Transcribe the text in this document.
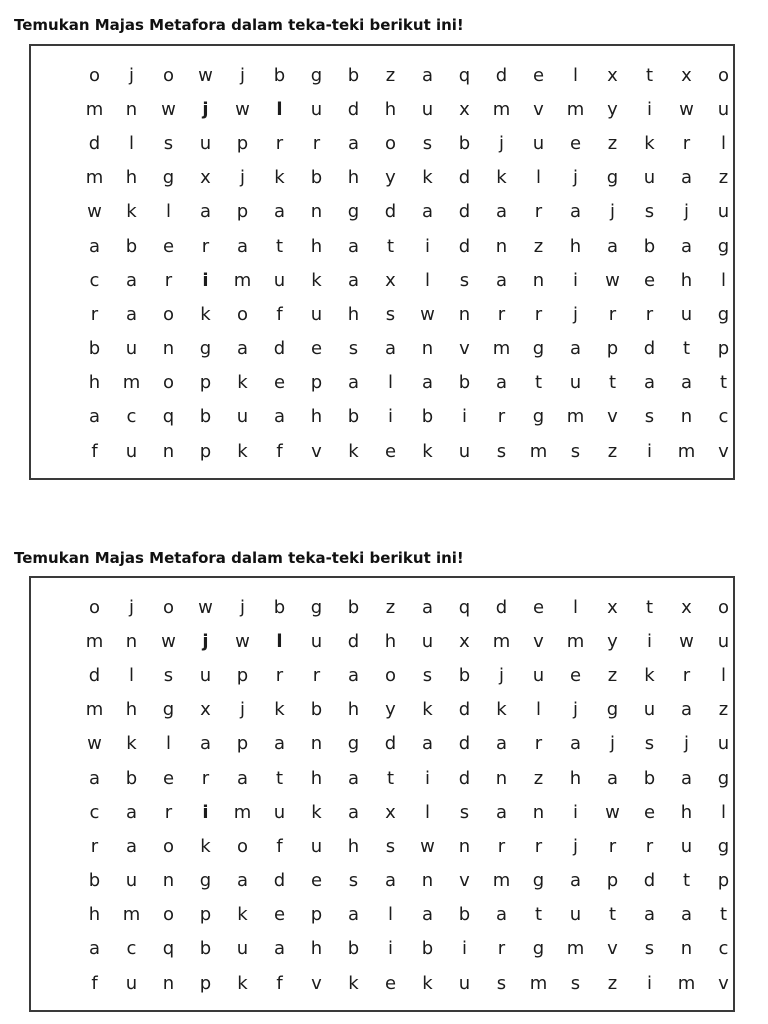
Temukan Majas Metafora dalam teka-teki berikut ini!
o	j	o	w	j	b	g	b	z	a	q	d	e	l	x	t	x	o
m	n	w	j	w	l	u	d	h	u	x	m	v	m	y	i	w	u
d	l	s	u	p	r	r	a	o	s	b	j	u	e	z	k	r	l
m	h	g	x	j	k	b	h	y	k	d	k	l	j	g	u	a	z
w	k	l	a	p	a	n	g	d	a	d	a	r	a	j	s	j	u
a	b	e	r	a	t	h	a	t	i	d	n	z	h	a	b	a	g
c	a	r	i	m	u	k	a	x	l	s	a	n	i	w	e	h	l
r	a	o	k	o	f	u	h	s	w	n	r	r	j	r	r	u	g
b	u	n	g	a	d	e	s	a	n	v	m	g	a	p	d	t	p
h	m	o	p	k	e	p	a	l	a	b	a	t	u	t	a	a	t
a	c	q	b	u	a	h	b	i	b	i	r	g	m	v	s	n	c
f	u	n	p	k	f	v	k	e	k	u	s	m	s	z	i	m	v
Temukan Majas Metafora dalam teka-teki berikut ini!
o	j	o	w	j	b	g	b	z	a	q	d	e	l	x	t	x	o
m	n	w	j	w	l	u	d	h	u	x	m	v	m	y	i	w	u
d	l	s	u	p	r	r	a	o	s	b	j	u	e	z	k	r	l
m	h	g	x	j	k	b	h	y	k	d	k	l	j	g	u	a	z
w	k	l	a	p	a	n	g	d	a	d	a	r	a	j	s	j	u
a	b	e	r	a	t	h	a	t	i	d	n	z	h	a	b	a	g
c	a	r	i	m	u	k	a	x	l	s	a	n	i	w	e	h	l
r	a	o	k	o	f	u	h	s	w	n	r	r	j	r	r	u	g
b	u	n	g	a	d	e	s	a	n	v	m	g	a	p	d	t	p
h	m	o	p	k	e	p	a	l	a	b	a	t	u	t	a	a	t
a	c	q	b	u	a	h	b	i	b	i	r	g	m	v	s	n	c
f	u	n	p	k	f	v	k	e	k	u	s	m	s	z	i	m	v
